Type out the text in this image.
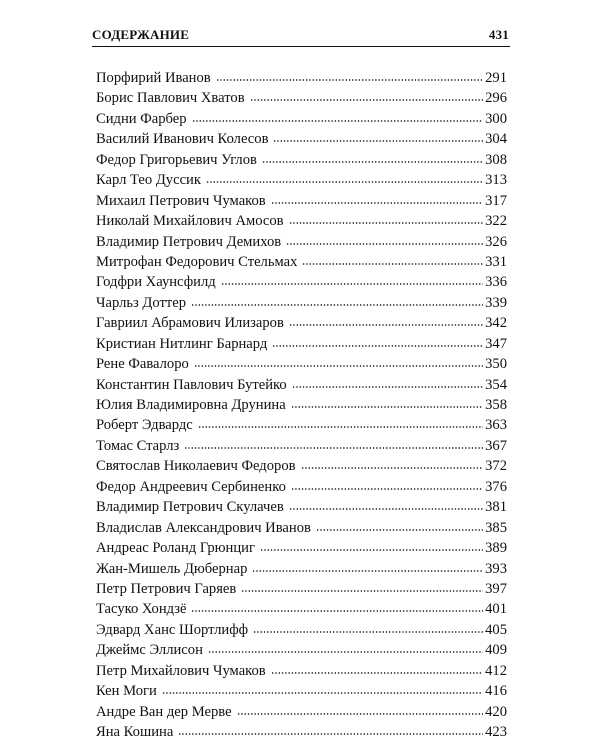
СОДЕРЖАНИЕ	431
Порфирий Иванов	291
Борис Павлович Хватов	296
Сидни Фарбер	300
Василий Иванович Колесов	304
Федор Григорьевич Углов	308
Карл Тео Дуссик	313
Михаил Петрович Чумаков	317
Николай Михайлович Амосов	322
Владимир Петрович Демихов	326
Митрофан Федорович Стельмах	331
Годфри Хаунсфилд	336
Чарльз Доттер	339
Гавриил Абрамович Илизаров	342
Кристиан Нитлинг Барнард	347
Рене Фавалоро	350
Константин Павлович Бутейко	354
Юлия Владимировна Друнина	358
Роберт Эдвардс	363
Томас Старлз	367
Святослав Николаевич Федоров	372
Федор Андреевич Сербиненко	376
Владимир Петрович Скулачев	381
Владислав Александрович Иванов	385
Андреас Роланд Грюнциг	389
Жан-Мишель Дюбернар	393
Петр Петрович Гаряев	397
Тасуко Хондзё	401
Эдвард Ханс Шортлифф	405
Джеймс Эллисон	409
Петр Михайлович Чумаков	412
Кен Моги	416
Андре Ван дер Мерве	420
Яна Кошина	423
